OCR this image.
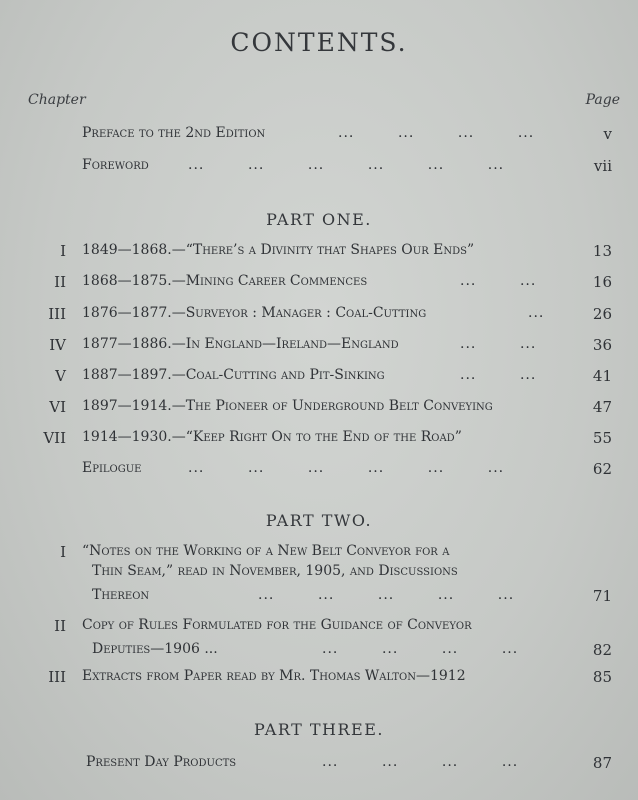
CONTENTS.
Chapter	Page
Preface to the 2nd Edition	...        ...        ...        ...	v
Foreword	...        ...        ...        ...        ...        ...	vii
PART ONE.
I 1849—1868.—“There’s a Divinity that Shapes Our Ends”	13
II 1868—1875.—Mining Career Commences	...        ...	16
III 1876—1877.—Surveyor : Manager : Coal-Cutting	...	26
IV 1877—1886.—In England—Ireland—England	...        ...	36
V 1887—1897.—Coal-Cutting and Pit-Sinking	...        ...	41
VI 1897—1914.—The Pioneer of Underground Belt Conveying	47
VII 1914—1930.—“Keep Right On to the End of the Road”	55
Epilogue	...        ...        ...        ...        ...        ...	62
PART TWO.
I “Notes on the Working of a New Belt Conveyor for a
Thin Seam,” read in November, 1905, and Discussions
Thereon	...        ...        ...        ...        ...	71
II Copy of Rules Formulated for the Guidance of Conveyor
Deputies—1906 ...	...        ...        ...        ...	82
III Extracts from Paper read by Mr. Thomas Walton—1912	85
PART THREE.
Present Day Products	...        ...        ...        ...	87
